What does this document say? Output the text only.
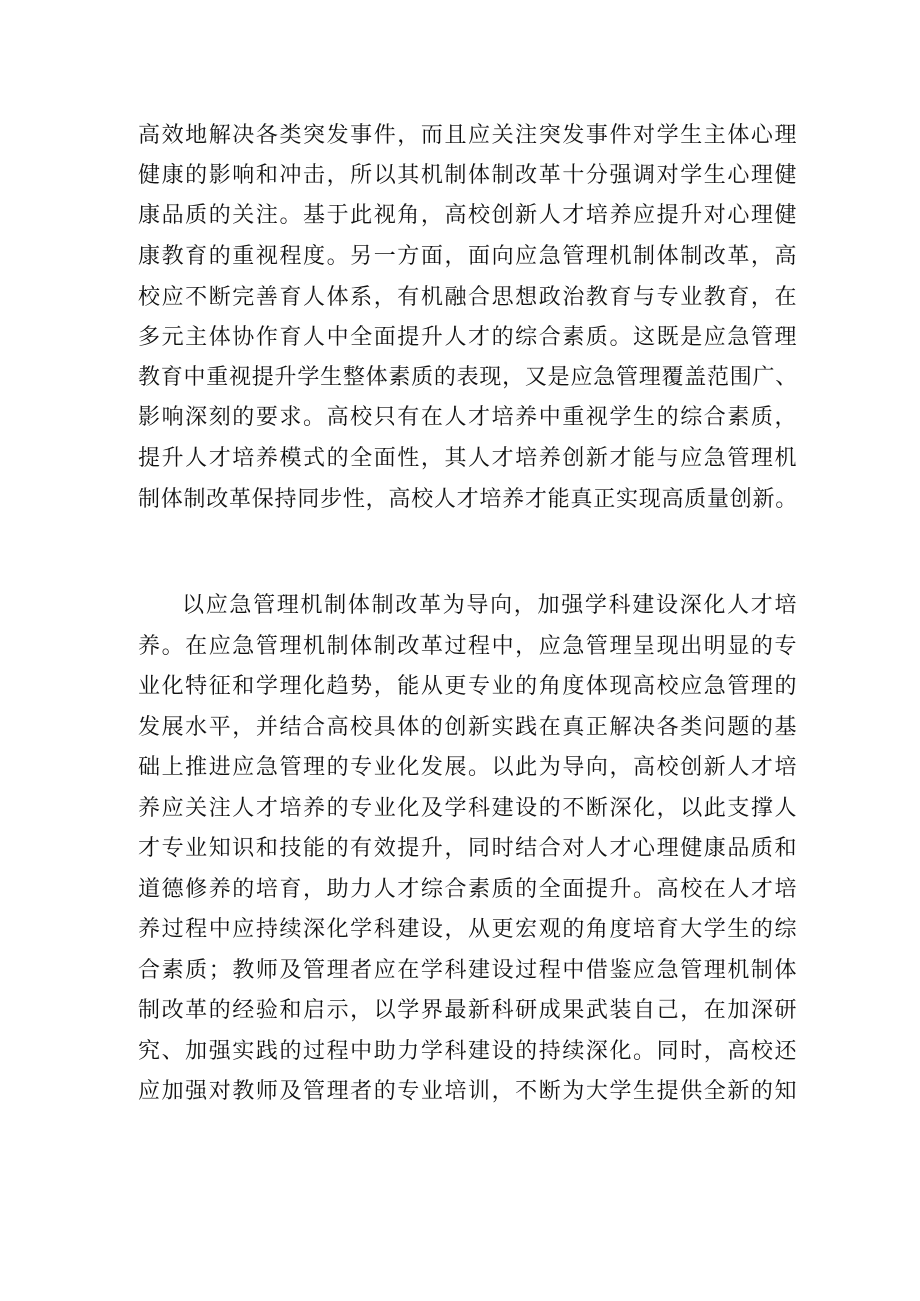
高效地解决各类突发事件，而且应关注突发事件对学生主体心理
健康的影响和冲击，所以其机制体制改革十分强调对学生心理健
康品质的关注。基于此视角，高校创新人才培养应提升对心理健
康教育的重视程度。另一方面，面向应急管理机制体制改革，高
校应不断完善育人体系，有机融合思想政治教育与专业教育，在
多元主体协作育人中全面提升人才的综合素质。这既是应急管理
教育中重视提升学生整体素质的表现，又是应急管理覆盖范围广、
影响深刻的要求。高校只有在人才培养中重视学生的综合素质，
提升人才培养模式的全面性，其人才培养创新才能与应急管理机
制体制改革保持同步性，高校人才培养才能真正实现高质量创新。
以应急管理机制体制改革为导向，加强学科建设深化人才培
养。在应急管理机制体制改革过程中，应急管理呈现出明显的专
业化特征和学理化趋势，能从更专业的角度体现高校应急管理的
发展水平，并结合高校具体的创新实践在真正解决各类问题的基
础上推进应急管理的专业化发展。以此为导向，高校创新人才培
养应关注人才培养的专业化及学科建设的不断深化，以此支撑人
才专业知识和技能的有效提升，同时结合对人才心理健康品质和
道德修养的培育，助力人才综合素质的全面提升。高校在人才培
养过程中应持续深化学科建设，从更宏观的角度培育大学生的综
合素质；教师及管理者应在学科建设过程中借鉴应急管理机制体
制改革的经验和启示，以学界最新科研成果武装自己，在加深研
究、加强实践的过程中助力学科建设的持续深化。同时，高校还
应加强对教师及管理者的专业培训，不断为大学生提供全新的知
